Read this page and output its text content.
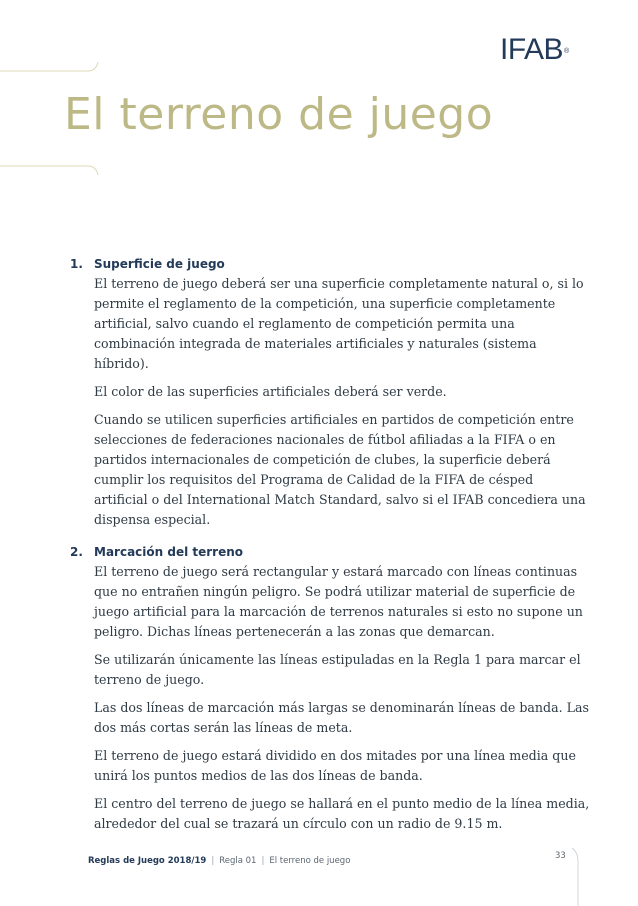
IFAB®
El terreno de juego
1. Superficie de juego

El terreno de juego deberá ser una superficie completamente natural o, si lo permite el reglamento de la competición, una superficie completamente artificial, salvo cuando el reglamento de competición permita una combinación integrada de materiales artificiales y naturales (sistema híbrido).

El color de las superficies artificiales deberá ser verde.

Cuando se utilicen superficies artificiales en partidos de competición entre selecciones de federaciones nacionales de fútbol afiliadas a la FIFA o en partidos internacionales de competición de clubes, la superficie deberá cumplir los requisitos del Programa de Calidad de la FIFA de césped artificial o del International Match Standard, salvo si el IFAB concediera una dispensa especial.

2. Marcación del terreno

El terreno de juego será rectangular y estará marcado con líneas continuas que no entrañen ningún peligro. Se podrá utilizar material de superficie de juego artificial para la marcación de terrenos naturales si esto no supone un peligro. Dichas líneas pertenecerán a las zonas que demarcan.

Se utilizarán únicamente las líneas estipuladas en la Regla 1 para marcar el terreno de juego.

Las dos líneas de marcación más largas se denominarán líneas de banda. Las dos más cortas serán las líneas de meta.

El terreno de juego estará dividido en dos mitades por una línea media que unirá los puntos medios de las dos líneas de banda.

El centro del terreno de juego se hallará en el punto medio de la línea media, alrededor del cual se trazará un círculo con un radio de 9.15 m.

Reglas de Juego 2018/19 | Regla 01 | El terreno de juego	33
